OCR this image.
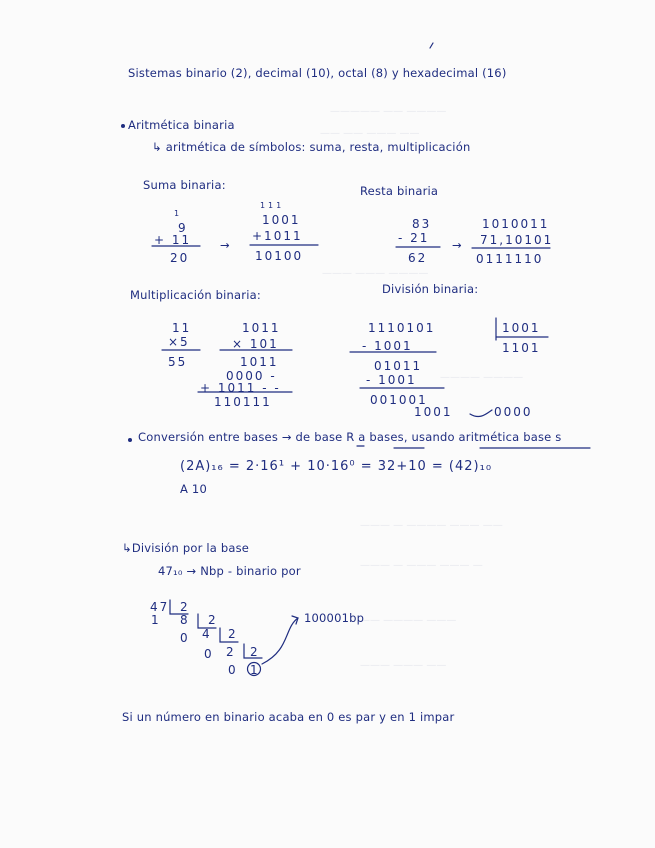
————— —— ————
—— —— ——— ——
——— ——— ————
———— ————
——— — ———— ——— ——
——— — ——— ——— —
—— ———— ———
——— ——— ——
Sistemas binario (2), decimal (10), octal (8) y hexadecimal (16)
Aritmética binaria
↳ aritmética de símbolos: suma, resta, multiplicación
Suma binaria:
1
9
+ 11
20
→
1 1 1
1001
+1011
10100
Resta binaria
83
- 21
62
→
1010011
71,10101
0111110
Multiplicación binaria:
11
×5
55
1011
× 101
1011
0000 -
+ 1011 - -
110111
División binaria:
1110101	1001
1101
- 1001
01011
- 1001
001001
1001	0000
Conversión entre bases → de base R a bases, usando aritmética base s
(2A)₁₆ = 2·16¹ + 10·16⁰ = 32+10 = (42)₁₀
A 10
↳División por la base
47₁₀ → Nbp - binario por
47 2
1 8 2
0 4 2
0 2 2
0 1
100001bp
Si un número en binario acaba en 0 es par y en 1 impar
